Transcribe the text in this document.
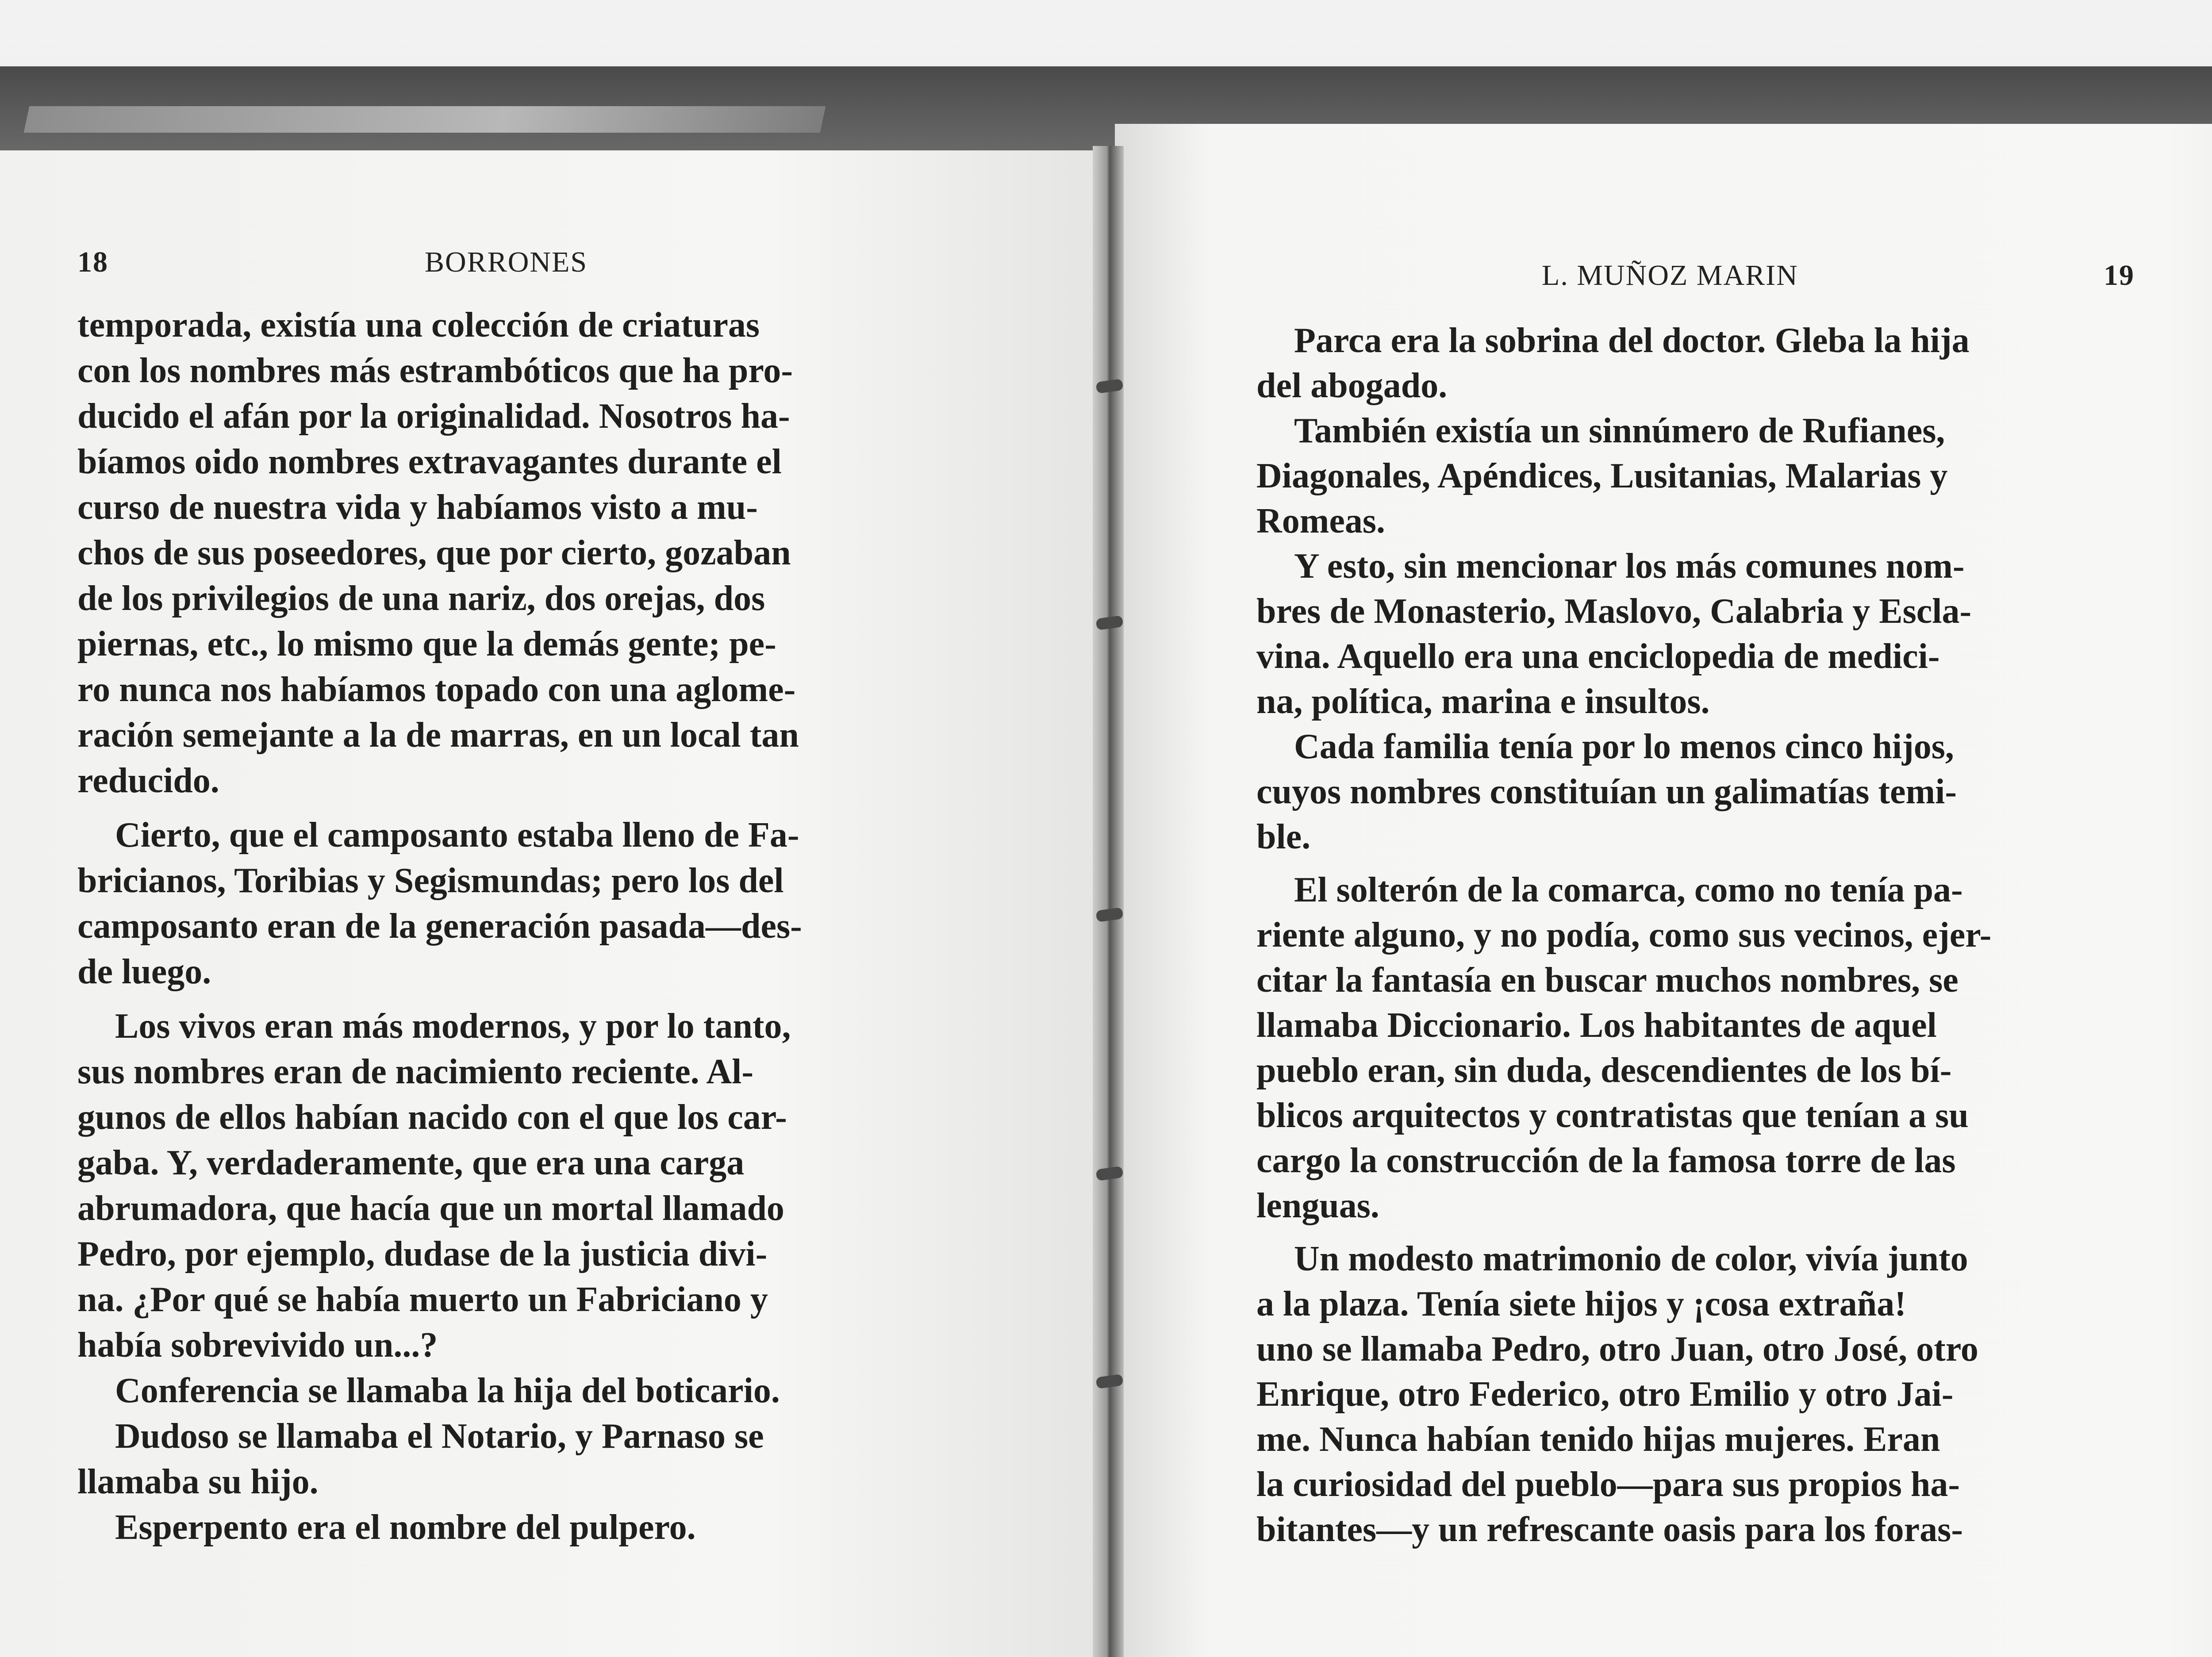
18	BORRONES
temporada, existía una colección de criaturas
con los nombres más estrambóticos que ha pro-
ducido el afán por la originalidad. Nosotros ha-
bíamos oido nombres extravagantes durante el
curso de nuestra vida y habíamos visto a mu-
chos de sus poseedores, que por cierto, gozaban
de los privilegios de una nariz, dos orejas, dos
piernas, etc., lo mismo que la demás gente; pe-
ro nunca nos habíamos topado con una aglome-
ración semejante a la de marras, en un local tan
reducido.
Cierto, que el camposanto estaba lleno de Fa-
bricianos, Toribias y Segismundas; pero los del
camposanto eran de la generación pasada—des-
de luego.
Los vivos eran más modernos, y por lo tanto,
sus nombres eran de nacimiento reciente. Al-
gunos de ellos habían nacido con el que los car-
gaba. Y, verdaderamente, que era una carga
abrumadora, que hacía que un mortal llamado
Pedro, por ejemplo, dudase de la justicia divi-
na. ¿Por qué se había muerto un Fabriciano y
había sobrevivido un...?
Conferencia se llamaba la hija del boticario.
Dudoso se llamaba el Notario, y Parnaso se
llamaba su hijo.
Esperpento era el nombre del pulpero.
L. MUÑOZ MARIN	19
Parca era la sobrina del doctor. Gleba la hija
del abogado.
También existía un sinnúmero de Rufianes,
Diagonales, Apéndices, Lusitanias, Malarias y
Romeas.
Y esto, sin mencionar los más comunes nom-
bres de Monasterio, Maslovo, Calabria y Escla-
vina. Aquello era una enciclopedia de medici-
na, política, marina e insultos.
Cada familia tenía por lo menos cinco hijos,
cuyos nombres constituían un galimatías temi-
ble.
El solterón de la comarca, como no tenía pa-
riente alguno, y no podía, como sus vecinos, ejer-
citar la fantasía en buscar muchos nombres, se
llamaba Diccionario. Los habitantes de aquel
pueblo eran, sin duda, descendientes de los bí-
blicos arquitectos y contratistas que tenían a su
cargo la construcción de la famosa torre de las
lenguas.
Un modesto matrimonio de color, vivía junto
a la plaza. Tenía siete hijos y ¡cosa extraña!
uno se llamaba Pedro, otro Juan, otro José, otro
Enrique, otro Federico, otro Emilio y otro Jai-
me. Nunca habían tenido hijas mujeres. Eran
la curiosidad del pueblo—para sus propios ha-
bitantes—y un refrescante oasis para los foras-
